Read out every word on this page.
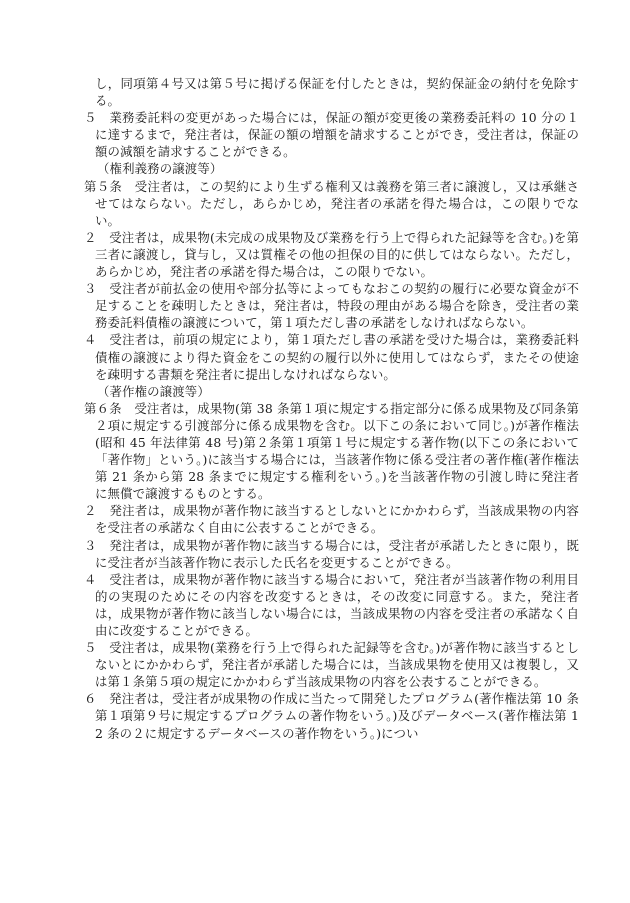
し，同項第４号又は第５号に掲げる保証を付したときは，契約保証金の納付を免除する。

５　業務委託料の変更があった場合には，保証の額が変更後の業務委託料の 10 分の１に達するまで，発注者は，保証の額の増額を請求することができ，受注者は，保証の額の減額を請求することができる。

（権利義務の譲渡等）

第５条　受注者は，この契約により生ずる権利又は義務を第三者に譲渡し，又は承継させてはならない。ただし，あらかじめ，発注者の承諾を得た場合は，この限りでない。

２　受注者は，成果物(未完成の成果物及び業務を行う上で得られた記録等を含む。)を第三者に譲渡し，貸与し，又は質権その他の担保の目的に供してはならない。ただし，あらかじめ，発注者の承諾を得た場合は，この限りでない。

３　受注者が前払金の使用や部分払等によってもなおこの契約の履行に必要な資金が不足することを疎明したときは，発注者は，特段の理由がある場合を除き，受注者の業務委託料債権の譲渡について，第１項ただし書の承諾をしなければならない。

４　受注者は，前項の規定により，第１項ただし書の承諾を受けた場合は，業務委託料債権の譲渡により得た資金をこの契約の履行以外に使用してはならず，またその使途を疎明する書類を発注者に提出しなければならない。

（著作権の譲渡等）

第６条　受注者は，成果物(第 38 条第１項に規定する指定部分に係る成果物及び同条第２項に規定する引渡部分に係る成果物を含む。以下この条において同じ。)が著作権法(昭和 45 年法律第 48 号)第２条第１項第１号に規定する著作物(以下この条において「著作物」という。)に該当する場合には，当該著作物に係る受注者の著作権(著作権法第 21 条から第 28 条までに規定する権利をいう。)を当該著作物の引渡し時に発注者に無償で譲渡するものとする。

２　発注者は，成果物が著作物に該当するとしないとにかかわらず，当該成果物の内容を受注者の承諾なく自由に公表することができる。

３　発注者は，成果物が著作物に該当する場合には，受注者が承諾したときに限り，既に受注者が当該著作物に表示した氏名を変更することができる。

４　受注者は，成果物が著作物に該当する場合において，発注者が当該著作物の利用目的の実現のためにその内容を改変するときは，その改変に同意する。また，発注者は，成果物が著作物に該当しない場合には，当該成果物の内容を受注者の承諾なく自由に改変することができる。

５　受注者は，成果物(業務を行う上で得られた記録等を含む。)が著作物に該当するとしないとにかかわらず，発注者が承諾した場合には，当該成果物を使用又は複製し，又は第１条第５項の規定にかかわらず当該成果物の内容を公表することができる。

６　発注者は，受注者が成果物の作成に当たって開発したプログラム(著作権法第 10 条第１項第９号に規定するプログラムの著作物をいう。)及びデータベース(著作権法第 12 条の２に規定するデータベースの著作物をいう。)につい
